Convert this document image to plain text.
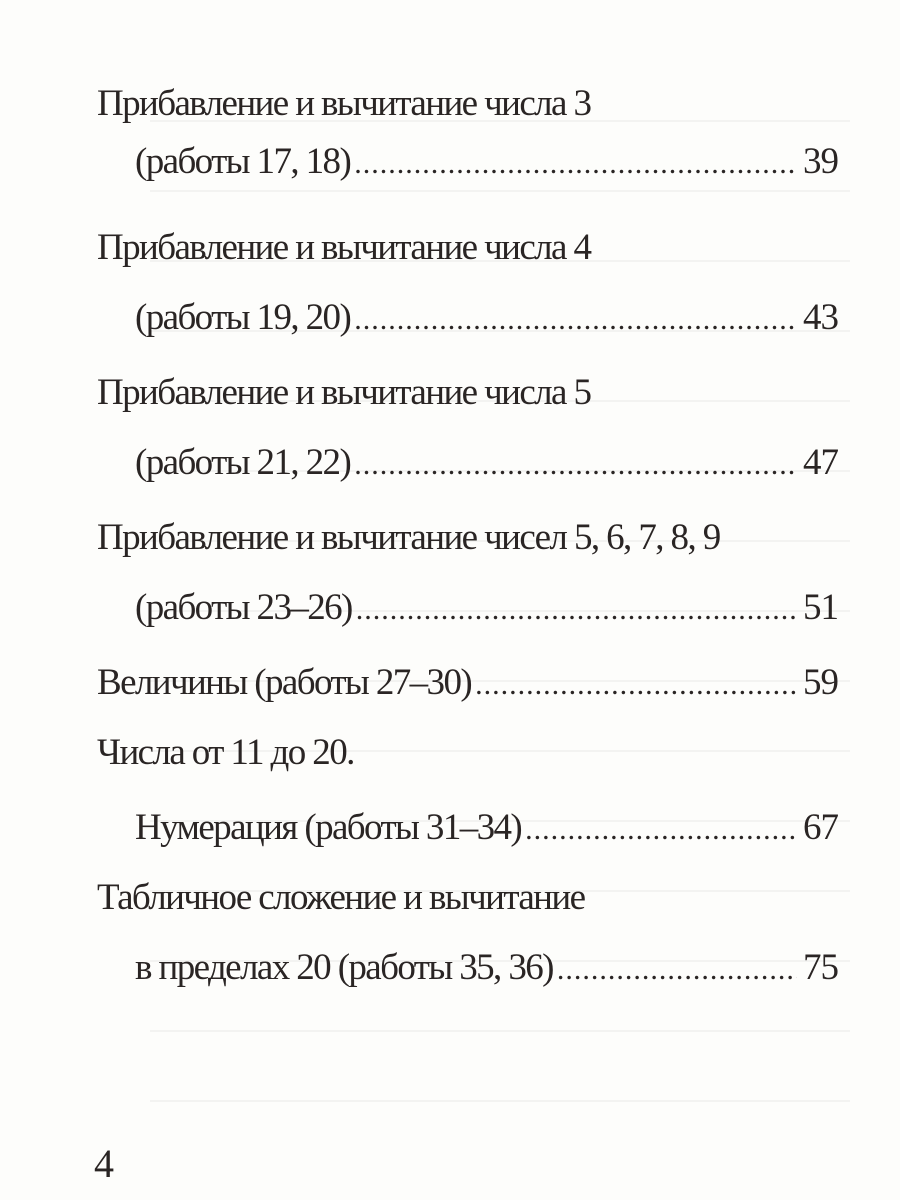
Прибавление и вычитание числа 3
(работы 17, 18) .....	39
Прибавление и вычитание числа 4
(работы 19, 20) .....	43
Прибавление и вычитание числа 5
(работы 21, 22) .....	47
Прибавление и вычитание чисел 5, 6, 7, 8, 9
(работы 23–26) .....	51
Величины (работы 27–30) .....	59
Числа от 11 до 20.
Нумерация (работы 31–34) .....	67
Табличное сложение и вычитание
в пределах 20 (работы 35, 36) .....	75
4
